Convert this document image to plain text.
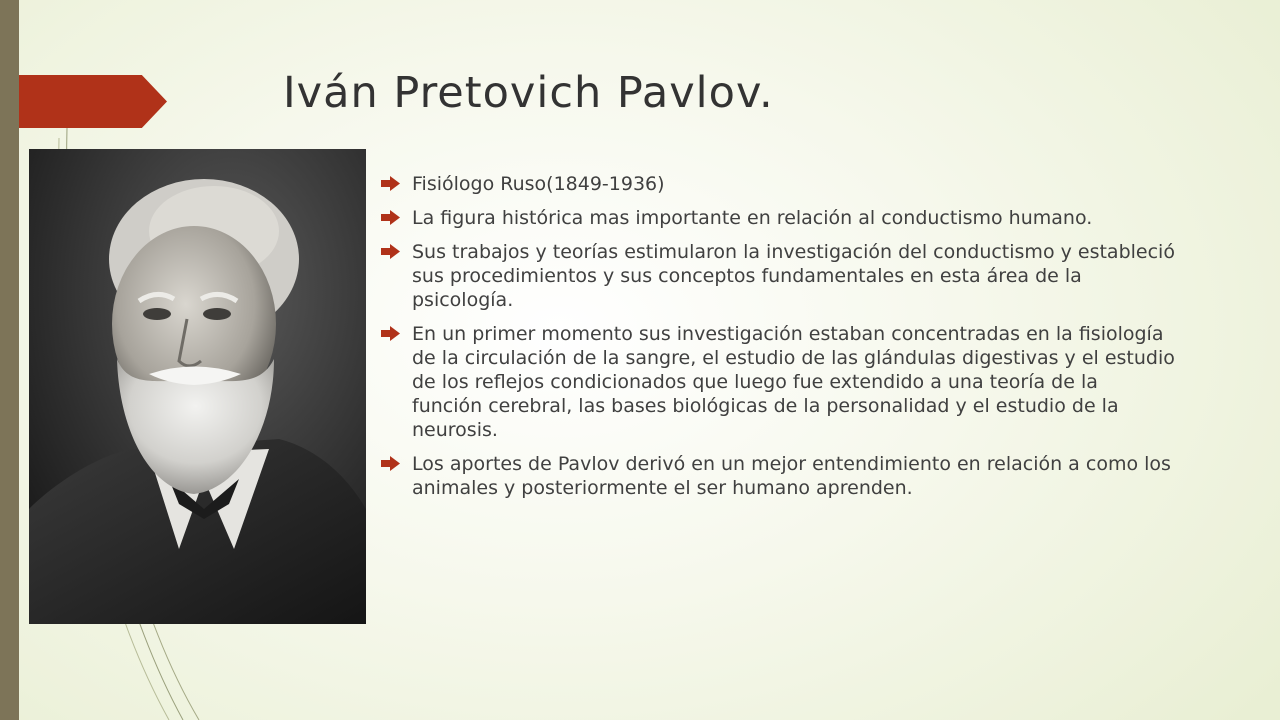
Iván Pretovich Pavlov.
Fisiólogo Ruso(1849-1936)
La figura histórica mas importante en relación al conductismo humano.
Sus trabajos y teorías estimularon la investigación del conductismo y estableció
sus procedimientos y sus conceptos fundamentales en esta área de la
psicología.
En un primer momento sus investigación estaban concentradas en la fisiología
de la circulación de la sangre, el estudio de las glándulas digestivas y el estudio
de los reflejos condicionados que luego fue extendido a una teoría de la
función cerebral, las bases biológicas de la personalidad y el estudio de la
neurosis.
Los aportes de Pavlov derivó en un mejor entendimiento en relación a como los
animales y posteriormente el ser humano aprenden.
